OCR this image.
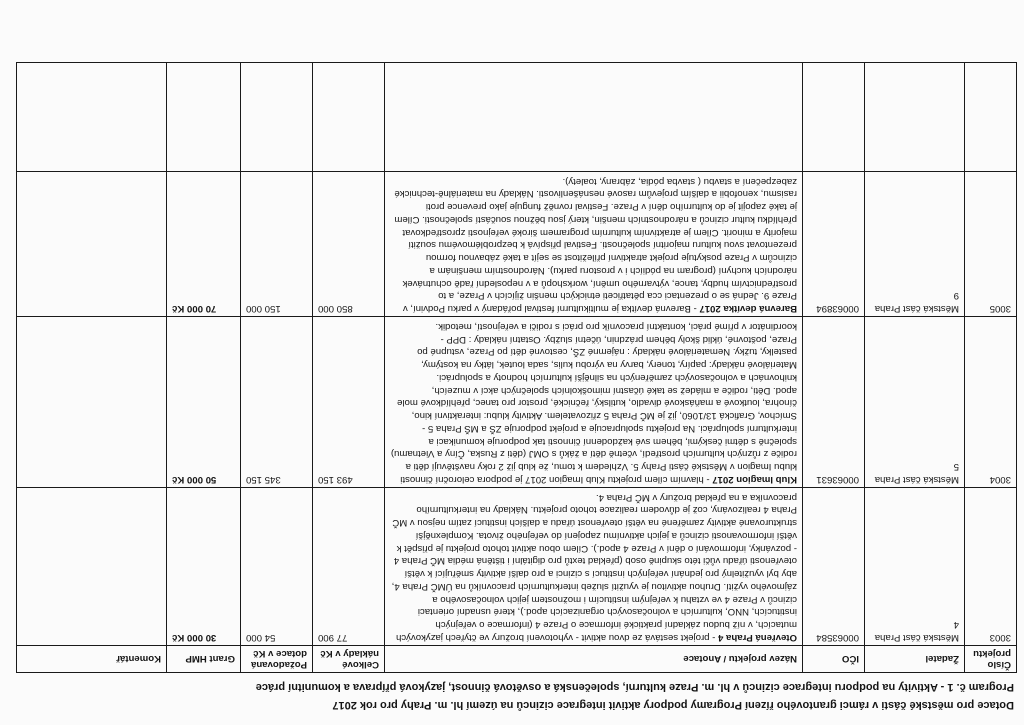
Dotace pro městské části v rámci grantového řízení Programy podpory aktivit integrace cizinců na území hl. m. Prahy pro rok 2017
Program č. 1 - Aktivity na podporu integrace cizinců v hl. m. Praze kulturní, společenská a osvětová činnost, jazyková příprava a komunitní práce
Číslo projektu	Žadatel	IČO	Název projektu / Anotace	Celkové náklady v Kč	Požadovaná dotace v Kč	Grant HMP	Komentář
3003	Městská část Praha 4	00063584	Otevřená Praha 4 - projekt sestává ze dvou aktivit - vyhotovení brožury ve čtyřech jazykových mutacích, v níž budou základní praktické informace o Praze 4 (informace o veřejných institucích, NNO, kulturních a volnočasových organizacích apod.), které usnadní orientaci cizinců v Praze 4 ve vztahu k veřejným institucím i možnostem jejich volnočasového a zájmového vyžití. Druhou aktivitou je využití služeb interkulturních pracovníků na ÚMČ Praha 4, aby byl využitelný pro jednání veřejných institucí s cizinci a pro další aktivity směřující k větší otevřenosti úřadu vůči této skupině osob (překlad textů pro digitální i tištěná média MČ Praha 4 - pozvánky, informování o dění v Praze 4 apod.). Cílem obou aktivit tohoto projektu je přispět k větší informovanosti cizinců a jejich aktivnímu zapojení do veřejného života. Komplexnější strukturované aktivity zaměřené na větší otevřenost úřadu a dalších institucí zatím nejsou v MČ Praha 4 realizovány, což je důvodem realizace tohoto projektu. Náklady na interkulturního pracovníka a na překlad brožury v MČ Praha 4.	77 900	54 000	30 000 Kč	
3004	Městská část Praha 5	00063631	Klub Imagion 2017 - hlavním cílem projektu Klub Imagion 2017 je podpora celoroční činnosti klubu Imagion v Městské části Prahy 5. Vzhledem k tomu, že klub již 2 roky navštěvují děti a rodiče z různých kulturních prostředí, včetně dětí a žáků s OMJ (děti z Ruska, Číny a Vietnamu) společně s dětmi českými, během své každodenní činnosti tak podporuje komunikaci a interkulturní spolupráci. Na projektu spolupracuje a projekt podporuje ZŠ a MŠ Praha 5 - Smíchov, Grafická 13/1060, již je MČ Praha 5 zřizovatelem. Aktivity klubu: interaktivní kino, čínohra, loutkové a maňáskové divadlo, kutilský, řečnické, prostor pro tanec, přehlídkové mole apod. Děti, rodiče a mládež se také účastní mimoškolních společných akcí v muzeích, knihovnách a volnočasových zaměřených na silnější kulturních hodnoty a spolupráci. Materiálové náklady: papíry, tonery, barvy na výrobu kulis, sada loutek, látky na kostýmy, pastelky, tužky. Nemateriálové náklady : nájemné ZŠ, cestovné dětí po Praze, vstupné po Praze, poštovné, úklid školy během prázdnin, účetní služby. Ostatní náklady : DPP - koordinátor v přímé práci, kontaktní pracovník pro práci s rodiči a veřejností, metodik.	493 150	345 150	50 000 Kč	
3005	Městská část Praha 9	00063894	Barevná devítka 2017 - Barevná devítka je multikulturní festival pořádaný v parku Podviní, v Praze 9. Jedná se o prezentaci cca pětatřiceti etnických menšin žijících v Praze, a to prostřednictvím hudby, tance, výtvarného umění, workshopů a v neposlední řadě ochutnávek národních kuchyní (program na pódiích i v prostoru parku). Národnostním menšinám a cizincům v Praze poskytuje projekt atraktivní příležitost se sejít a také zábavnou formou prezentovat svou kulturu majoritní společnosti. Festival přispívá k bezproblémovému soužití majority a minorit. Cílem je atraktivním kulturním programem široké veřejnosti zprostředkovat přehlídku kultur cizinců a národnostních menšin, který jsou běžnou součástí společnosti. Cílem je také zapojit je do kulturního dění v Praze. Festival rovněž funguje jako prevence proti rasismu, xenofobii a dalším projevům rasové nesnášenlivosti. Náklady na materiálně-technické zabezpečení a stavbu ( stavba pódia, zábrany, toalety).	850 000	150 000	70 000 Kč	
